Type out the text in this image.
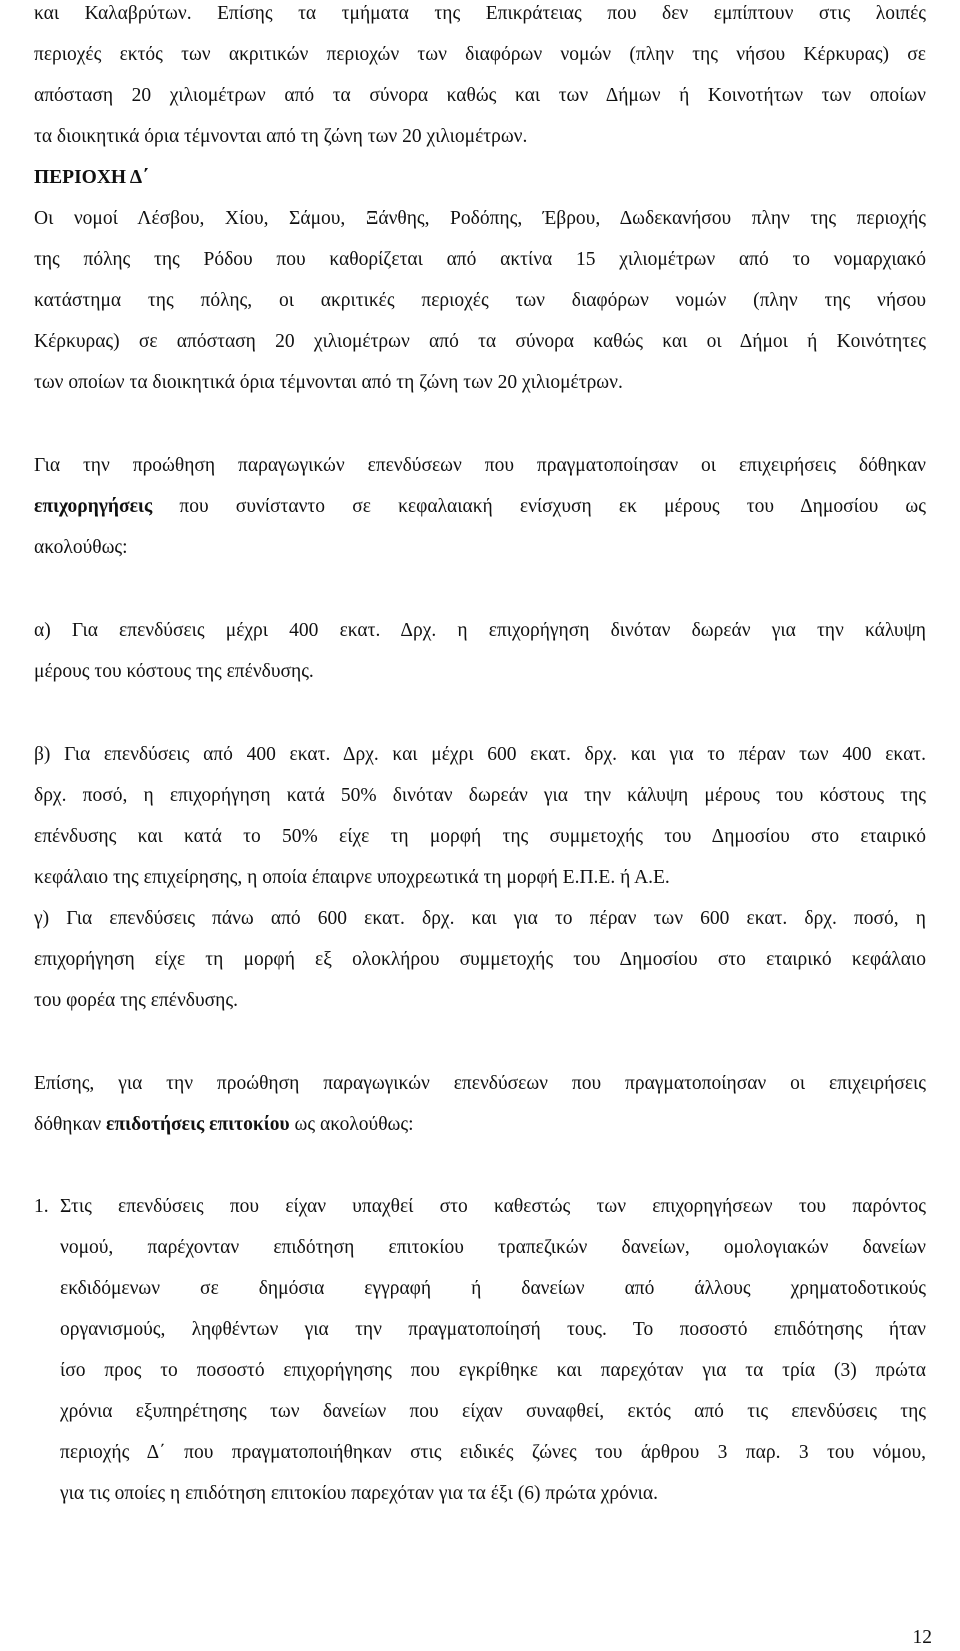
και Καλαβρύτων. Επίσης τα τμήματα της Επικράτειας που δεν εμπίπτουν στις λοιπές
περιοχές εκτός των ακριτικών περιοχών των διαφόρων νομών (πλην της νήσου Κέρκυρας) σε
απόσταση 20 χιλιομέτρων από τα σύνορα καθώς και των Δήμων ή Κοινοτήτων των οποίων
τα διοικητικά όρια τέμνονται από τη ζώνη των 20 χιλιομέτρων.
ΠΕΡΙΟΧΗ Δ΄
Οι νομοί Λέσβου, Χίου, Σάμου, Ξάνθης, Ροδόπης, Έβρου, Δωδεκανήσου πλην της περιοχής
της πόλης της Ρόδου που καθορίζεται από ακτίνα 15 χιλιομέτρων από το νομαρχιακό
κατάστημα της πόλης, οι ακριτικές περιοχές των διαφόρων νομών (πλην της νήσου
Κέρκυρας) σε απόσταση 20 χιλιομέτρων από τα σύνορα καθώς και οι Δήμοι ή Κοινότητες
των οποίων τα διοικητικά όρια τέμνονται από τη ζώνη των 20 χιλιομέτρων.
Για την προώθηση παραγωγικών επενδύσεων που πραγματοποίησαν οι επιχειρήσεις δόθηκαν
επιχορηγήσεις που συνίσταντο σε κεφαλαιακή ενίσχυση εκ μέρους του Δημοσίου ως
ακολούθως:
α) Για επενδύσεις μέχρι 400 εκατ. Δρχ. η επιχορήγηση δινόταν δωρεάν για την κάλυψη
μέρους του κόστους της επένδυσης.
β) Για επενδύσεις από 400 εκατ. Δρχ. και μέχρι 600 εκατ. δρχ. και για το πέραν των 400 εκατ.
δρχ. ποσό, η επιχορήγηση κατά 50% δινόταν δωρεάν για την κάλυψη μέρους του κόστους της
επένδυσης και κατά το 50% είχε τη μορφή της συμμετοχής του Δημοσίου στο εταιρικό
κεφάλαιο της επιχείρησης, η οποία έπαιρνε υποχρεωτικά τη μορφή Ε.Π.Ε. ή Α.Ε.
γ) Για επενδύσεις πάνω από 600 εκατ. δρχ. και για το πέραν των 600 εκατ. δρχ. ποσό, η
επιχορήγηση είχε τη μορφή εξ ολοκλήρου συμμετοχής του Δημοσίου στο εταιρικό κεφάλαιο
του φορέα της επένδυσης.
Επίσης, για την προώθηση παραγωγικών επενδύσεων που πραγματοποίησαν οι επιχειρήσεις
δόθηκαν επιδοτήσεις επιτοκίου ως ακολούθως:
1. Στις επενδύσεις που είχαν υπαχθεί στο καθεστώς των επιχορηγήσεων του παρόντος
νομού, παρέχονταν επιδότηση επιτοκίου τραπεζικών δανείων, ομολογιακών δανείων
εκδιδόμενων σε δημόσια εγγραφή ή δανείων από άλλους χρηματοδοτικούς
οργανισμούς, ληφθέντων για την πραγματοποίησή τους. Το ποσοστό επιδότησης ήταν
ίσο προς το ποσοστό επιχορήγησης που εγκρίθηκε και παρεχόταν για τα τρία (3) πρώτα
χρόνια εξυπηρέτησης των δανείων που είχαν συναφθεί, εκτός από τις επενδύσεις της
περιοχής Δ΄ που πραγματοποιήθηκαν στις ειδικές ζώνες του άρθρου 3 παρ. 3 του νόμου,
για τις οποίες η επιδότηση επιτοκίου παρεχόταν για τα έξι (6) πρώτα χρόνια.
12
